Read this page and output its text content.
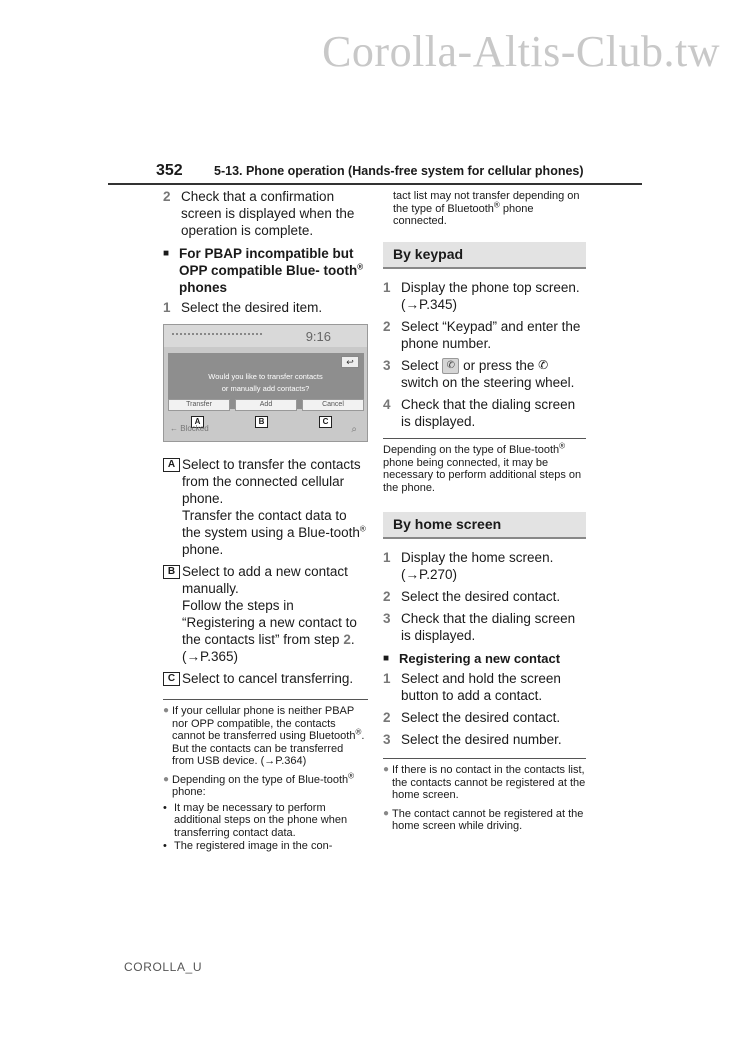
Corolla-Altis-Club.tw
352	5-13. Phone operation (Hands-free system for cellular phones)
2 Check that a confirmation screen is displayed when the operation is complete.
■ For PBAP incompatible but OPP compatible Blue- tooth® phones
1 Select the desired item.
9:16
↩
Would you like to transfer contacts
or manually add contacts?
Transfer	Add	Cancel
A	B	C
← Blocked	⌕
A Select to transfer the contacts from the connected cellular phone.
Transfer the contact data to the system using a Blue-tooth® phone.
B Select to add a new contact manually.
Follow the steps in “Registering a new contact to the contacts list” from step 2.
(→P.365)
C Select to cancel transferring.
● If your cellular phone is neither PBAP nor OPP compatible, the contacts cannot be transferred using Bluetooth®. But the contacts can be transferred from USB device. (→P.364)
● Depending on the type of Blue-tooth® phone:
• It may be necessary to perform additional steps on the phone when transferring contact data.
• The registered image in the con-
tact list may not transfer depending on the type of Bluetooth® phone connected.
By keypad
1 Display the phone top screen. (→P.345)
2 Select “Keypad” and enter the phone number.
3 Select ✆ or press the ✆ switch on the steering wheel.
4 Check that the dialing screen is displayed.
Depending on the type of Blue-tooth® phone being connected, it may be necessary to perform additional steps on the phone.
By home screen
1 Display the home screen. (→P.270)
2 Select the desired contact.
3 Check that the dialing screen is displayed.
■ Registering a new contact
1 Select and hold the screen button to add a contact.
2 Select the desired contact.
3 Select the desired number.
● If there is no contact in the contacts list, the contacts cannot be registered at the home screen.
● The contact cannot be registered at the home screen while driving.
COROLLA_U
